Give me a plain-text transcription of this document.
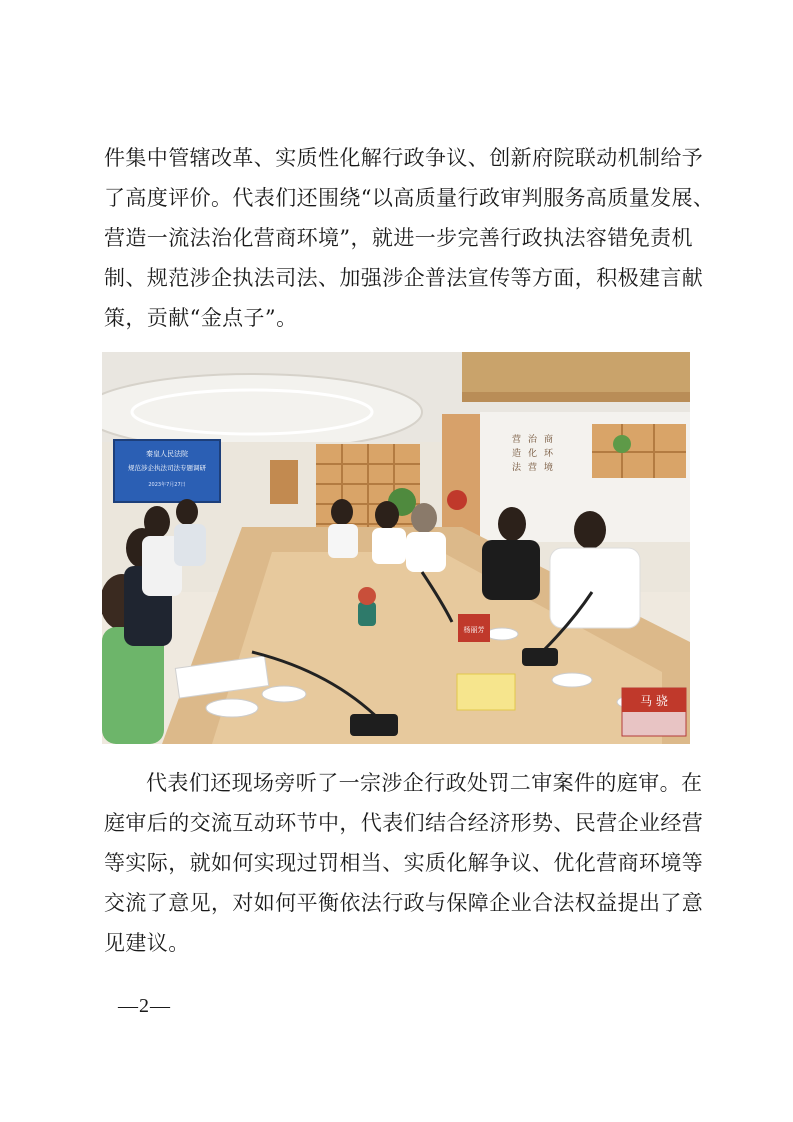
件集中管辖改革、实质性化解行政争议、创新府院联动机制给予
了高度评价。代表们还围绕“以高质量行政审判服务高质量发展、
营造一流法治化营商环境”，就进一步完善行政执法容错免责机
制、规范涉企执法司法、加强涉企普法宣传等方面，积极建言献
策，贡献“金点子”。
秦皇人民法院
规范涉企执法司法专题调研
2023年7月27日
营
造
法
治
化
营
商
环
境
马 骁
杨丽芳
代表们还现场旁听了一宗涉企行政处罚二审案件的庭审。在
庭审后的交流互动环节中，代表们结合经济形势、民营企业经营
等实际，就如何实现过罚相当、实质化解争议、优化营商环境等
交流了意见，对如何平衡依法行政与保障企业合法权益提出了意
见建议。
—2—
